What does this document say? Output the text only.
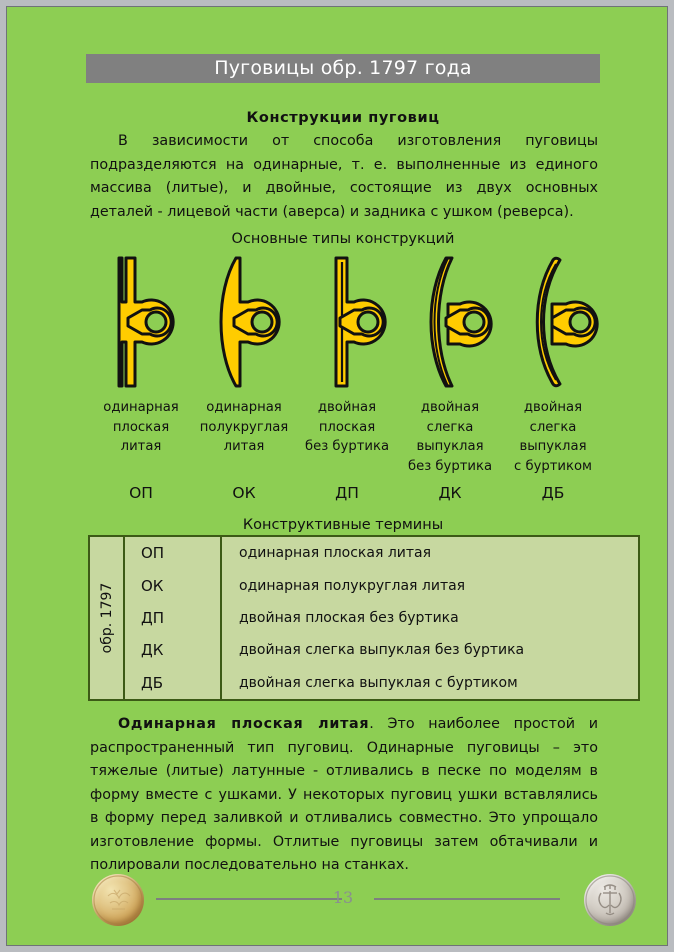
Пуговицы обр. 1797 года
Конструкции пуговиц
В зависимости от способа изготовления пуговицы подразделяются на одинарные, т. е. выполненные из единого массива (литые), и двойные, состоящие из двух основных деталей - лицевой части (аверса) и задника с ушком (реверса).
Основные типы конструкций
одинарная
плоская
литая
одинарная
полукруглая
литая
двойная
плоская
без буртика
двойная
слегка
выпуклая
без буртика
двойная
слегка
выпуклая
с буртиком
ОП	ОК	ДП	ДК	ДБ
Конструктивные термины
обр. 1797
ОП	одинарная плоская литая
ОК	одинарная полукруглая литая
ДП	двойная плоская без буртика
ДК	двойная слегка выпуклая без буртика
ДБ	двойная слегка выпуклая с буртиком
Одинарная плоская литая. Это наиболее простой и распространенный тип пуговиц. Одинарные пуговицы – это тяжелые (литые) латунные - отливались в песке по моделям в форму вместе с ушками. У некоторых пуговиц ушки вставлялись в форму перед заливкой и отливались совместно. Это упрощало изготовление формы. Отлитые пуговицы затем обтачивали и полировали последовательно на станках.
13
